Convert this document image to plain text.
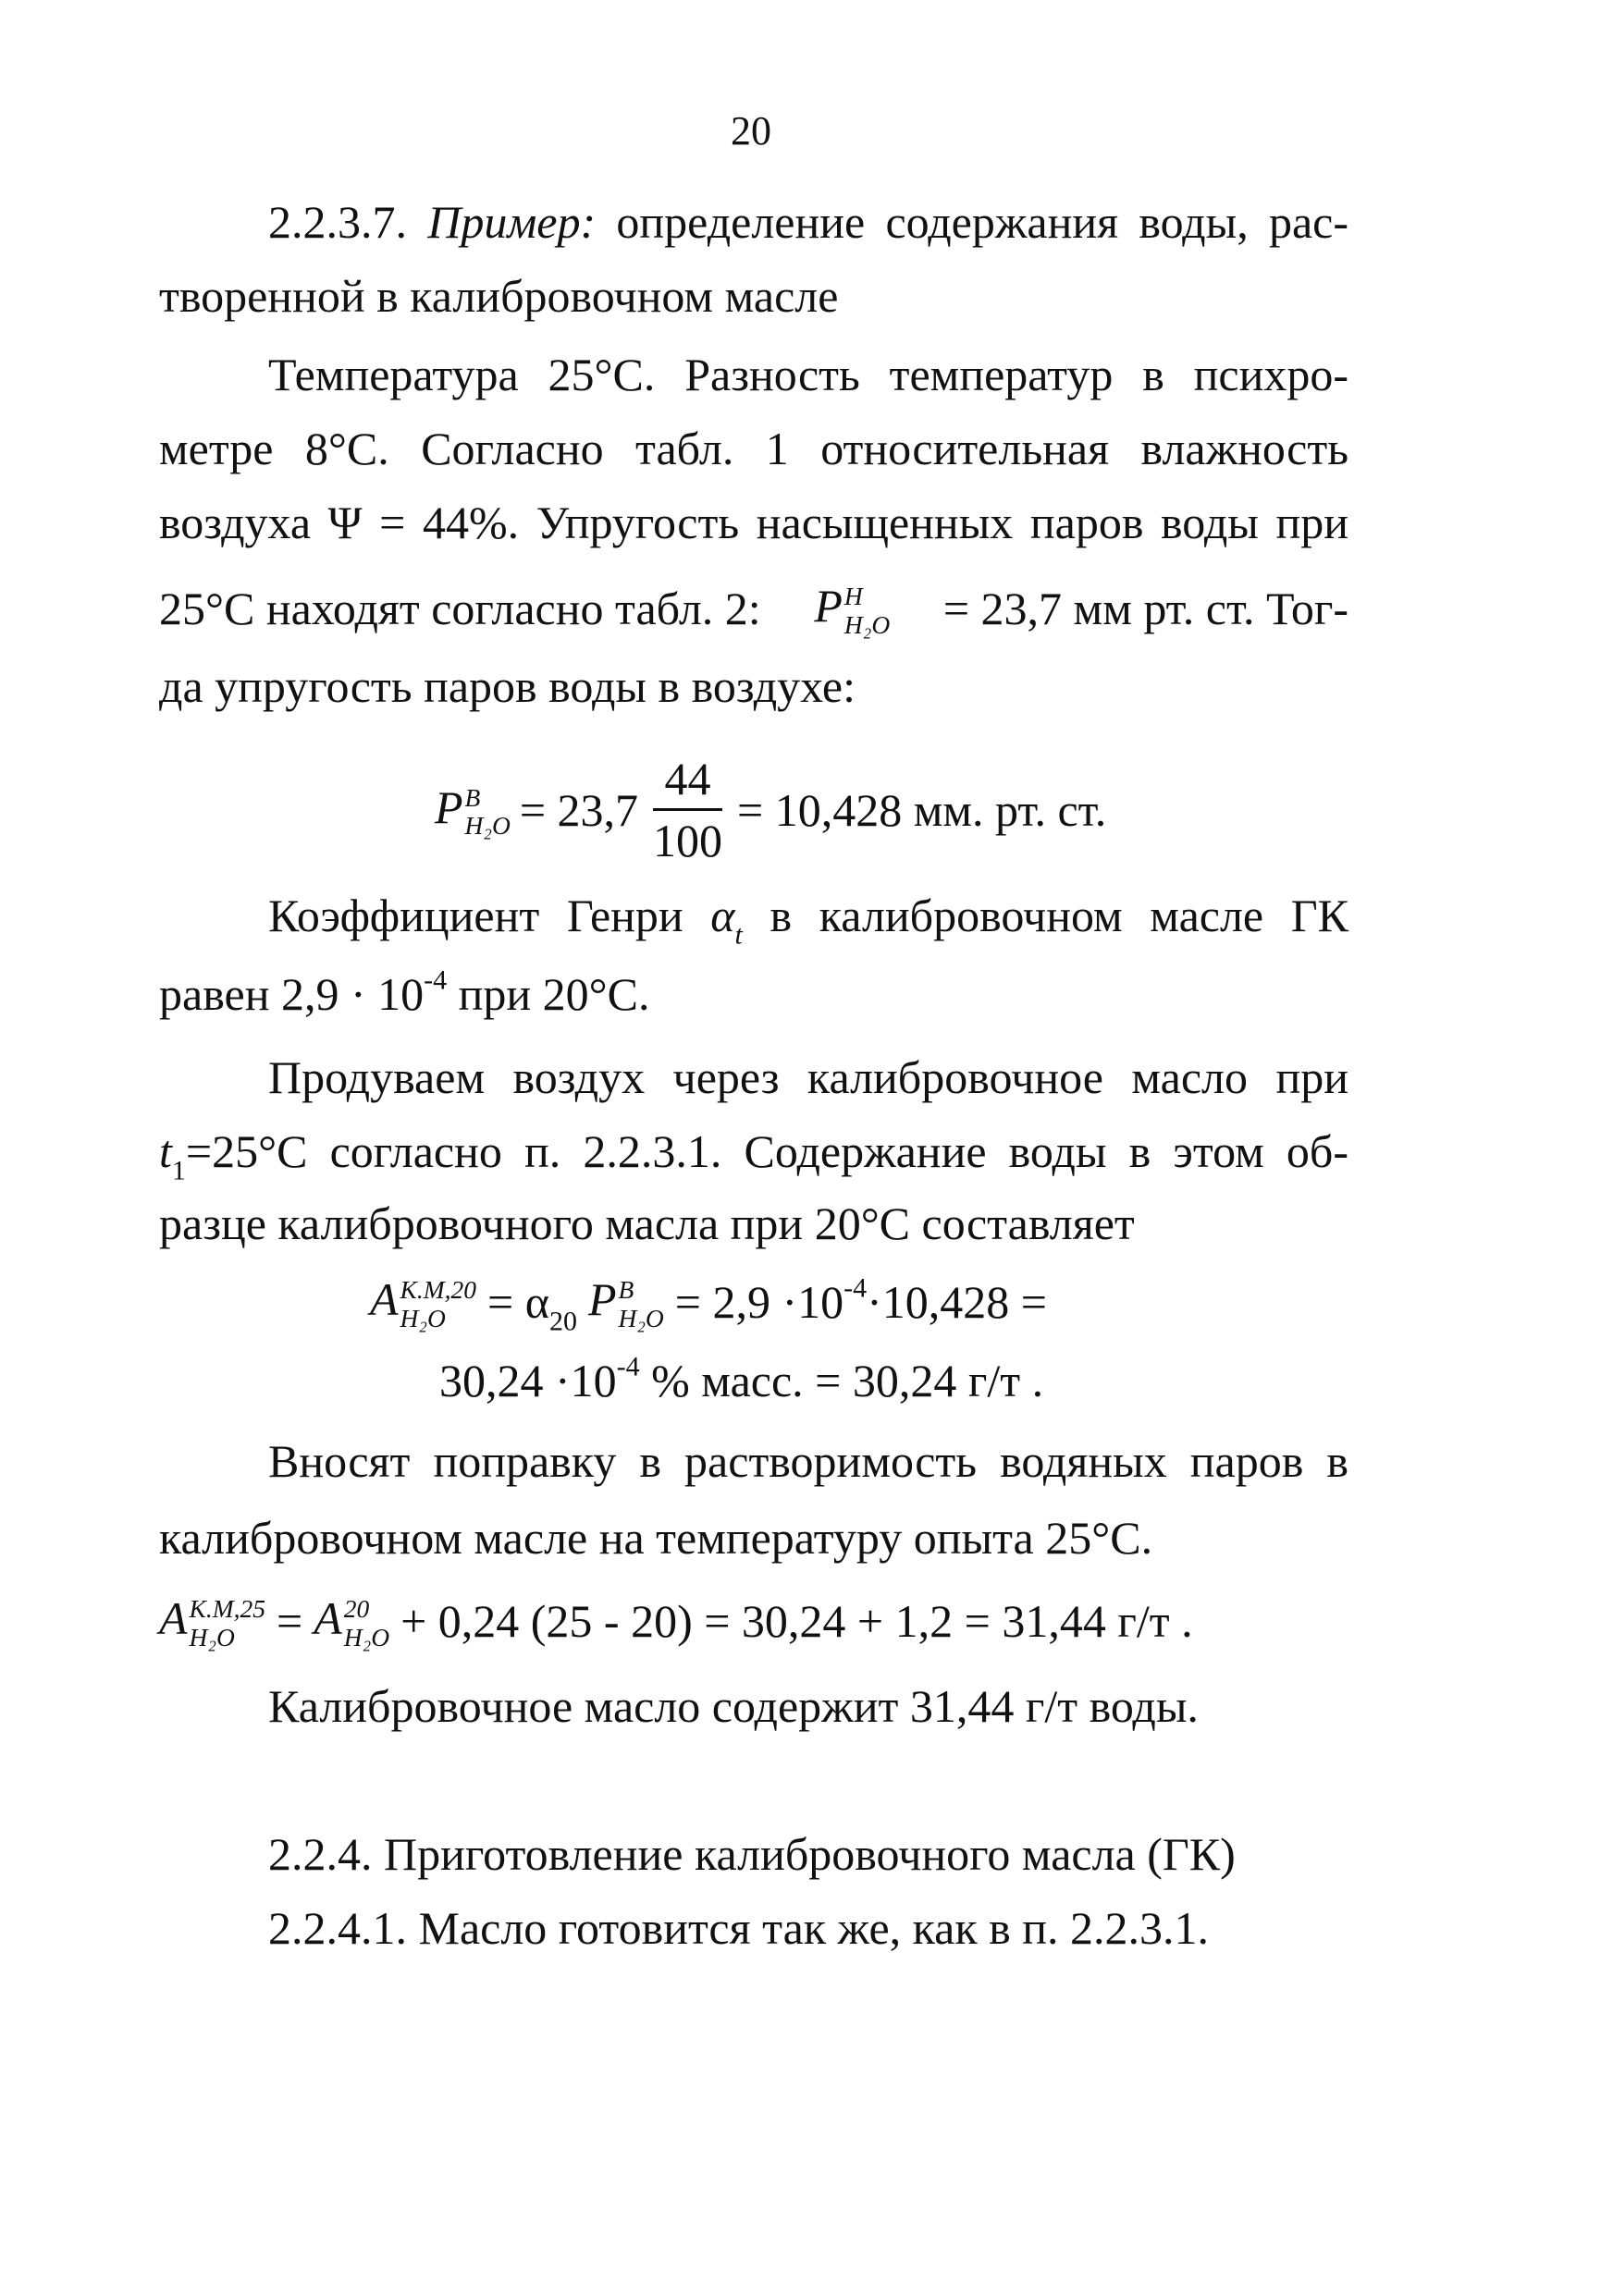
20
2.2.3.7. Пример: определение содержания воды, рас-
творенной в калибровочном масле
Температура 25°С. Разность температур в психро-
метре 8°С. Согласно табл. 1 относительная влажность
воздуха Ψ = 44%. Упругость насыщенных паров воды при
25°С находят согласно табл. 2: P H
H₂O = 23,7 мм рт. ст. Тог-
да упругость паров воды в воздухе:
P B
$H_2O = 23,7 \frac{44}{100} = 10,428$ мм. рт. ст.
Коэффициент Генри $\alpha_t$ в калибровочном масле ГК
равен $2,9 \cdot 10^{-4}$ при 20°С.
Продуваем воздух через калибровочное масло при
$t_1=25^\circ С$ согласно п. 2.2.3.1. Содержание воды в этом об-
разце калибровочного масла при 20°С составляет
A K.M,20
$H_2O = \alpha_{20}$ P B
$H_2O = 2,9 \cdot 10^{-4}\cdot 10,428$ =
$30,24 \cdot 10^{-4}$ % масс. = 30,24 г/т .
Вносят поправку в растворимость водяных паров в
калибровочном масле на температуру опыта 25°С.
A K.M,25
H₂O = A 20
H₂O + 0,24 (25 - 20) = 30,24 + 1,2 = 31,44 г/т .
Калибровочное масло содержит 31,44 г/т воды.
2.2.4. Приготовление калибровочного масла (ГК)
2.2.4.1. Масло готовится так же, как в п. 2.2.3.1.
